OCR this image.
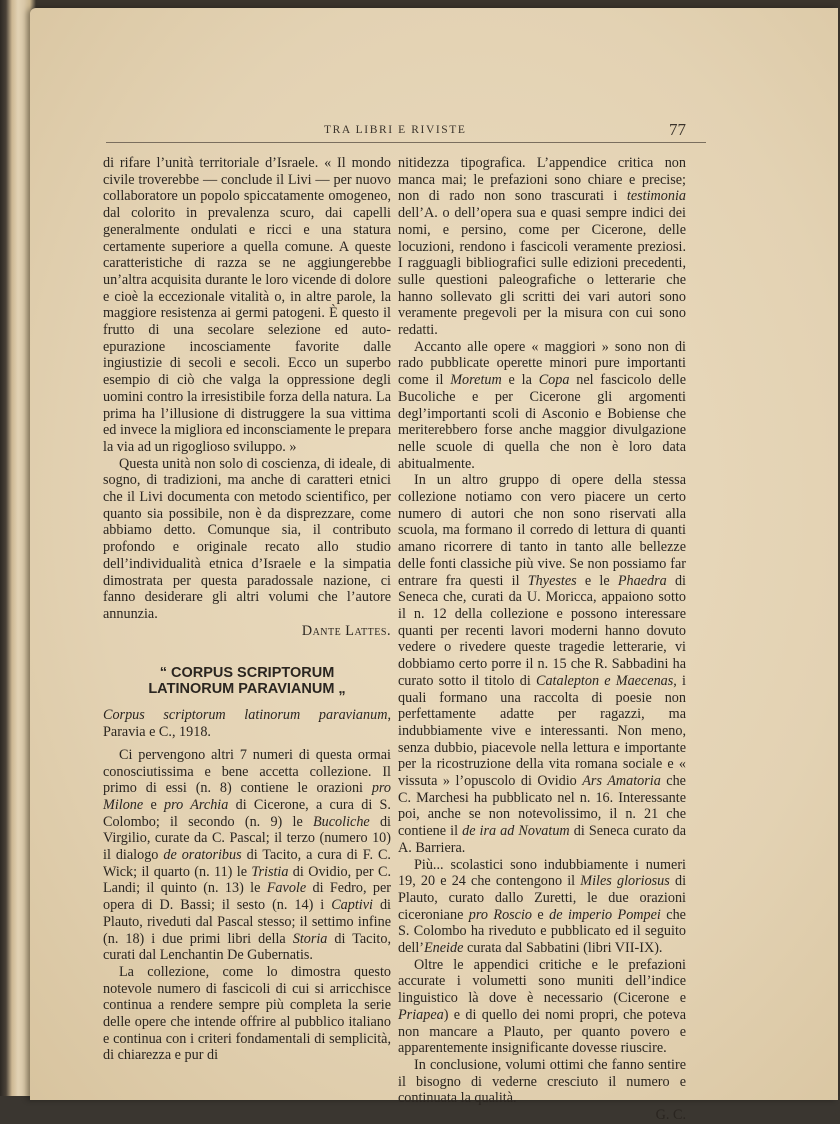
TRA LIBRI E RIVISTE	77

di rifare l’unità territoriale d’Israele. « Il mondo civile troverebbe — conclude il Livi — per nuovo collaboratore un popolo spiccatamente omogeneo, dal colorito in prevalenza scuro, dai capelli generalmente ondulati e ricci e una statura certamente superiore a quella comune. A queste caratteristiche di razza se ne aggiungerebbe un’altra acquisita durante le loro vicende di dolore e cioè la eccezionale vitalità o, in altre parole, la maggiore resistenza ai germi patogeni. È questo il frutto di una secolare selezione ed auto-epurazione incosciamente favorite dalle ingiustizie di secoli e secoli. Ecco un superbo esempio di ciò che valga la oppressione degli uomini contro la irresistibile forza della natura. La prima ha l’illusione di distruggere la sua vittima ed invece la migliora ed inconsciamente le prepara la via ad un rigoglioso sviluppo. »

Questa unità non solo di coscienza, di ideale, di sogno, di tradizioni, ma anche di caratteri etnici che il Livi documenta con metodo scientifico, per quanto sia possibile, non è da disprezzare, come abbiamo detto. Comunque sia, il contributo profondo e originale recato allo studio dell’individualità etnica d’Israele e la simpatia dimostrata per questa paradossale nazione, ci fanno desiderare gli altri volumi che l’autore annunzia.
Dante Lattes.

“ CORPUS SCRIPTORUM
LATINORUM PARAVIANUM „

Corpus scriptorum latinorum paravianum, Paravia e C., 1918.

Ci pervengono altri 7 numeri di questa ormai conosciutissima e bene accetta collezione. Il primo di essi (n. 8) contiene le orazioni pro Milone e pro Archia di Cicerone, a cura di S. Colombo; il secondo (n. 9) le Bucoliche di Virgilio, curate da C. Pascal; il terzo (numero 10) il dialogo de oratoribus di Tacito, a cura di F. C. Wick; il quarto (n. 11) le Tristia di Ovidio, per C. Landi; il quinto (n. 13) le Favole di Fedro, per opera di D. Bassi; il sesto (n. 14) i Captivi di Plauto, riveduti dal Pascal stesso; il settimo infine (n. 18) i due primi libri della Storia di Tacito, curati dal Lenchantin De Gubernatis.

La collezione, come lo dimostra questo notevole numero di fascicoli di cui si arricchisce continua a rendere sempre più completa la serie delle opere che intende offrire al pubblico italiano e continua con i criteri fondamentali di semplicità, di chiarezza e pur di

nitidezza tipografica. L’appendice critica non manca mai; le prefazioni sono chiare e precise; non di rado non sono trascurati i testimonia dell’A. o dell’opera sua e quasi sempre indici dei nomi, e persino, come per Cicerone, delle locuzioni, rendono i fascicoli veramente preziosi. I ragguagli bibliografici sulle edizioni precedenti, sulle questioni paleografiche o letterarie che hanno sollevato gli scritti dei vari autori sono veramente pregevoli per la misura con cui sono redatti.

Accanto alle opere « maggiori » sono non di rado pubblicate operette minori pure importanti come il Moretum e la Copa nel fascicolo delle Bucoliche e per Cicerone gli argomenti degl’importanti scoli di Asconio e Bobiense che meriterebbero forse anche maggior divulgazione nelle scuole di quella che non è loro data abitualmente.

In un altro gruppo di opere della stessa collezione notiamo con vero piacere un certo numero di autori che non sono riservati alla scuola, ma formano il corredo di lettura di quanti amano ricorrere di tanto in tanto alle bellezze delle fonti classiche più vive. Se non possiamo far entrare fra questi il Thyestes e le Phaedra di Seneca che, curati da U. Moricca, appaiono sotto il n. 12 della collezione e possono interessare quanti per recenti lavori moderni hanno dovuto vedere o rivedere queste tragedie letterarie, vi dobbiamo certo porre il n. 15 che R. Sabbadini ha curato sotto il titolo di Catalepton e Maecenas, i quali formano una raccolta di poesie non perfettamente adatte per ragazzi, ma indubbiamente vive e interessanti. Non meno, senza dubbio, piacevole nella lettura e importante per la ricostruzione della vita romana sociale e « vissuta » l’opuscolo di Ovidio Ars Amatoria che C. Marchesi ha pubblicato nel n. 16. Interessante poi, anche se non notevolissimo, il n. 21 che contiene il de ira ad Novatum di Seneca curato da A. Barriera.

Più... scolastici sono indubbiamente i numeri 19, 20 e 24 che contengono il Miles gloriosus di Plauto, curato dallo Zuretti, le due orazioni ciceroniane pro Roscio e de imperio Pompei che S. Colombo ha riveduto e pubblicato ed il seguito dell’Eneide curata dal Sabbatini (libri VII-IX).

Oltre le appendici critiche e le prefazioni accurate i volumetti sono muniti dell’indice linguistico là dove è necessario (Cicerone e Priapea) e di quello dei nomi propri, che poteva non mancare a Plauto, per quanto povero e apparentemente insignificante dovesse riuscire.

In conclusione, volumi ottimi che fanno sentire il bisogno di vederne cresciuto il numero e continuata la qualità.
G. C.
